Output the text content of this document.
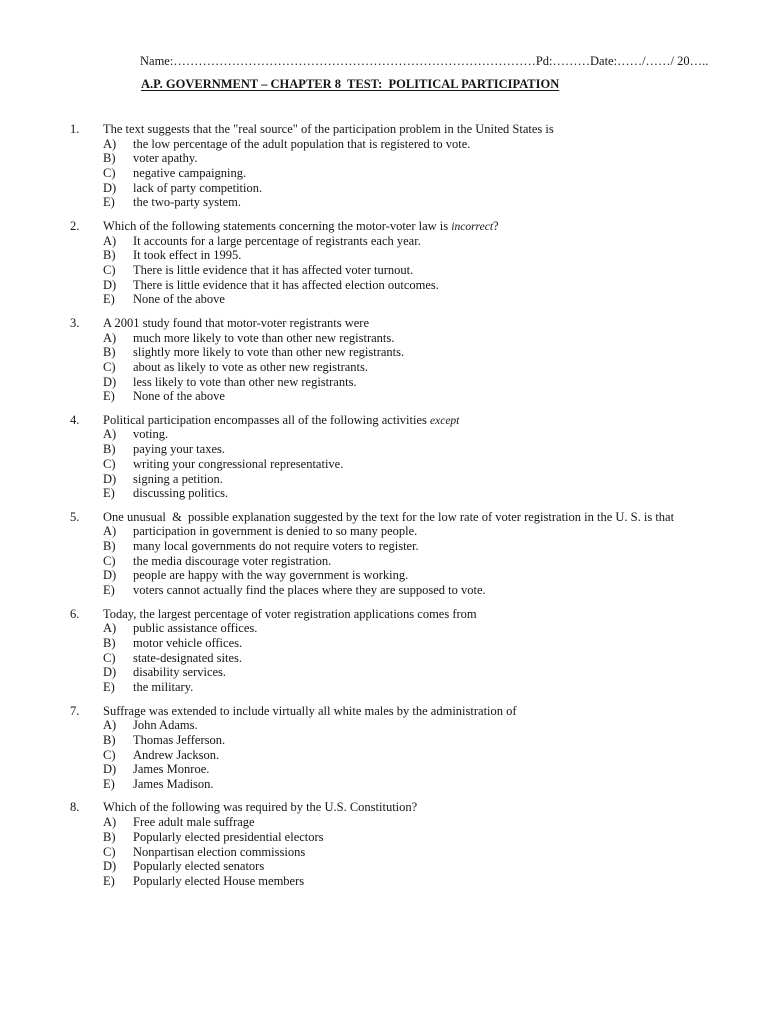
Name:……………………………………………………………………………Pd:………Date:……/……/ 20…..
A.P. GOVERNMENT – CHAPTER 8  TEST:  POLITICAL PARTICIPATION
1.	The text suggests that the "real source" of the participation problem in the United States is
A)	the low percentage of the adult population that is registered to vote.
B)	voter apathy.
C)	negative campaigning.
D)	lack of party competition.
E)	the two-party system.
2.	Which of the following statements concerning the motor-voter law is incorrect?
A)	It accounts for a large percentage of registrants each year.
B)	It took effect in 1995.
C)	There is little evidence that it has affected voter turnout.
D)	There is little evidence that it has affected election outcomes.
E)	None of the above
3.	A 2001 study found that motor-voter registrants were
A)	much more likely to vote than other new registrants.
B)	slightly more likely to vote than other new registrants.
C)	about as likely to vote as other new registrants.
D)	less likely to vote than other new registrants.
E)	None of the above
4.	Political participation encompasses all of the following activities except
A)	voting.
B)	paying your taxes.
C)	writing your congressional representative.
D)	signing a petition.
E)	discussing politics.
5.	One unusual  &  possible explanation suggested by the text for the low rate of voter registration in the U. S. is that
A)	participation in government is denied to so many people.
B)	many local governments do not require voters to register.
C)	the media discourage voter registration.
D)	people are happy with the way government is working.
E)	voters cannot actually find the places where they are supposed to vote.
6.	Today, the largest percentage of voter registration applications comes from
A)	public assistance offices.
B)	motor vehicle offices.
C)	state-designated sites.
D)	disability services.
E)	the military.
7.	Suffrage was extended to include virtually all white males by the administration of
A)	John Adams.
B)	Thomas Jefferson.
C)	Andrew Jackson.
D)	James Monroe.
E)	James Madison.
8.	Which of the following was required by the U.S. Constitution?
A)	Free adult male suffrage
B)	Popularly elected presidential electors
C)	Nonpartisan election commissions
D)	Popularly elected senators
E)	Popularly elected House members
